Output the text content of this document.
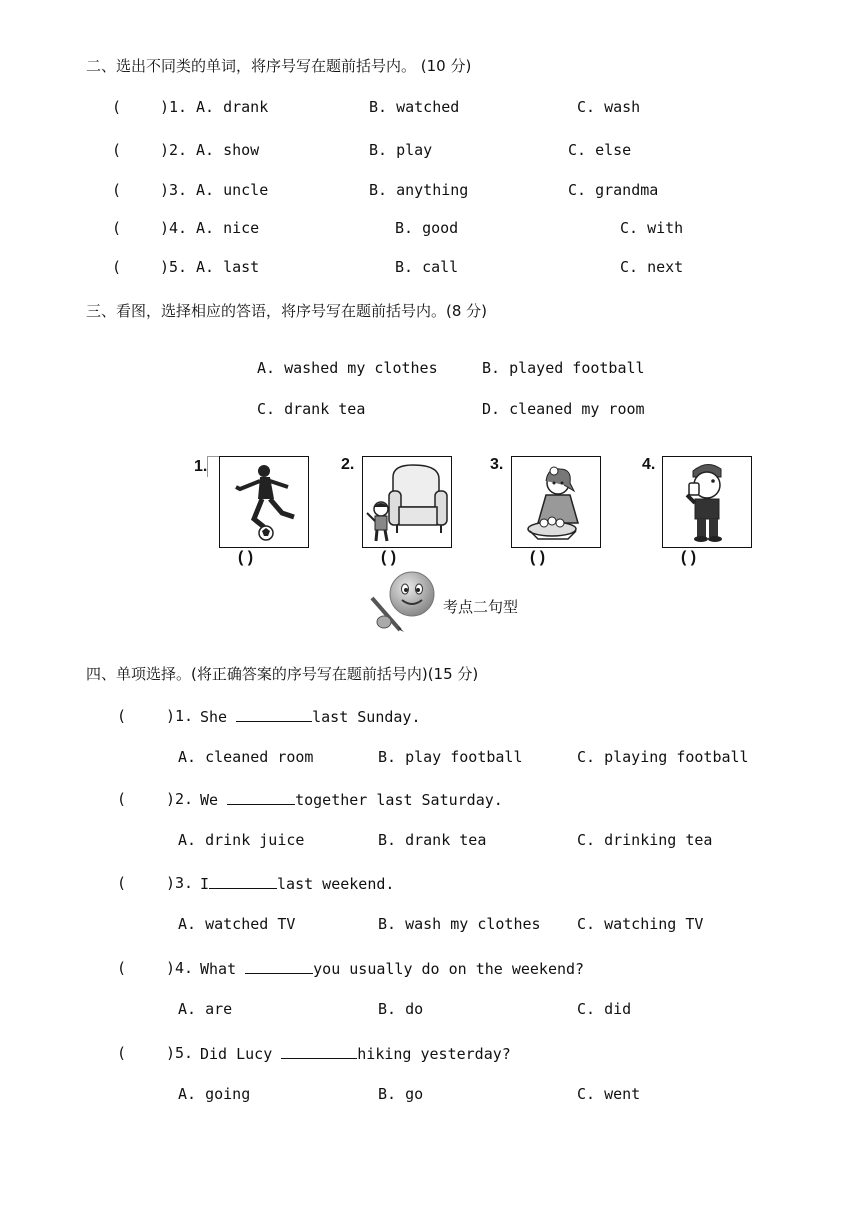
二、选出不同类的单词，将序号写在题前括号内。 (10 分)
(	)1. A. drank	B. watched	C. wash
(	)2. A. show	B. play	C. else
(	)3. A. uncle	B. anything	C. grandma
(	)4. A. nice	B. good	C. with
(	)5. A. last	B. call	C. next
三、看图，选择相应的答语，将序号写在题前括号内。(8 分)
A. washed my clothes	B. played football
C. drank tea	D. cleaned my room
1.
( )
2.
( )
3.
( )
4.
( )
考点二句型
四、单项选择。(将正确答案的序号写在题前括号内)(15 分)
(	)1. She	last Sunday.
A. cleaned room	B. play football	C. playing football
(	)2. We	together last Saturday.
A. drink juice	B. drank tea	C. drinking tea
(	)3. I	last weekend.
A. watched TV	B. wash my clothes C. watching TV
(	)4. What	you usually do on the weekend?
A. are	B. do	C. did
(	)5. Did Lucy	hiking yesterday?
A. going	B. go	C. went
